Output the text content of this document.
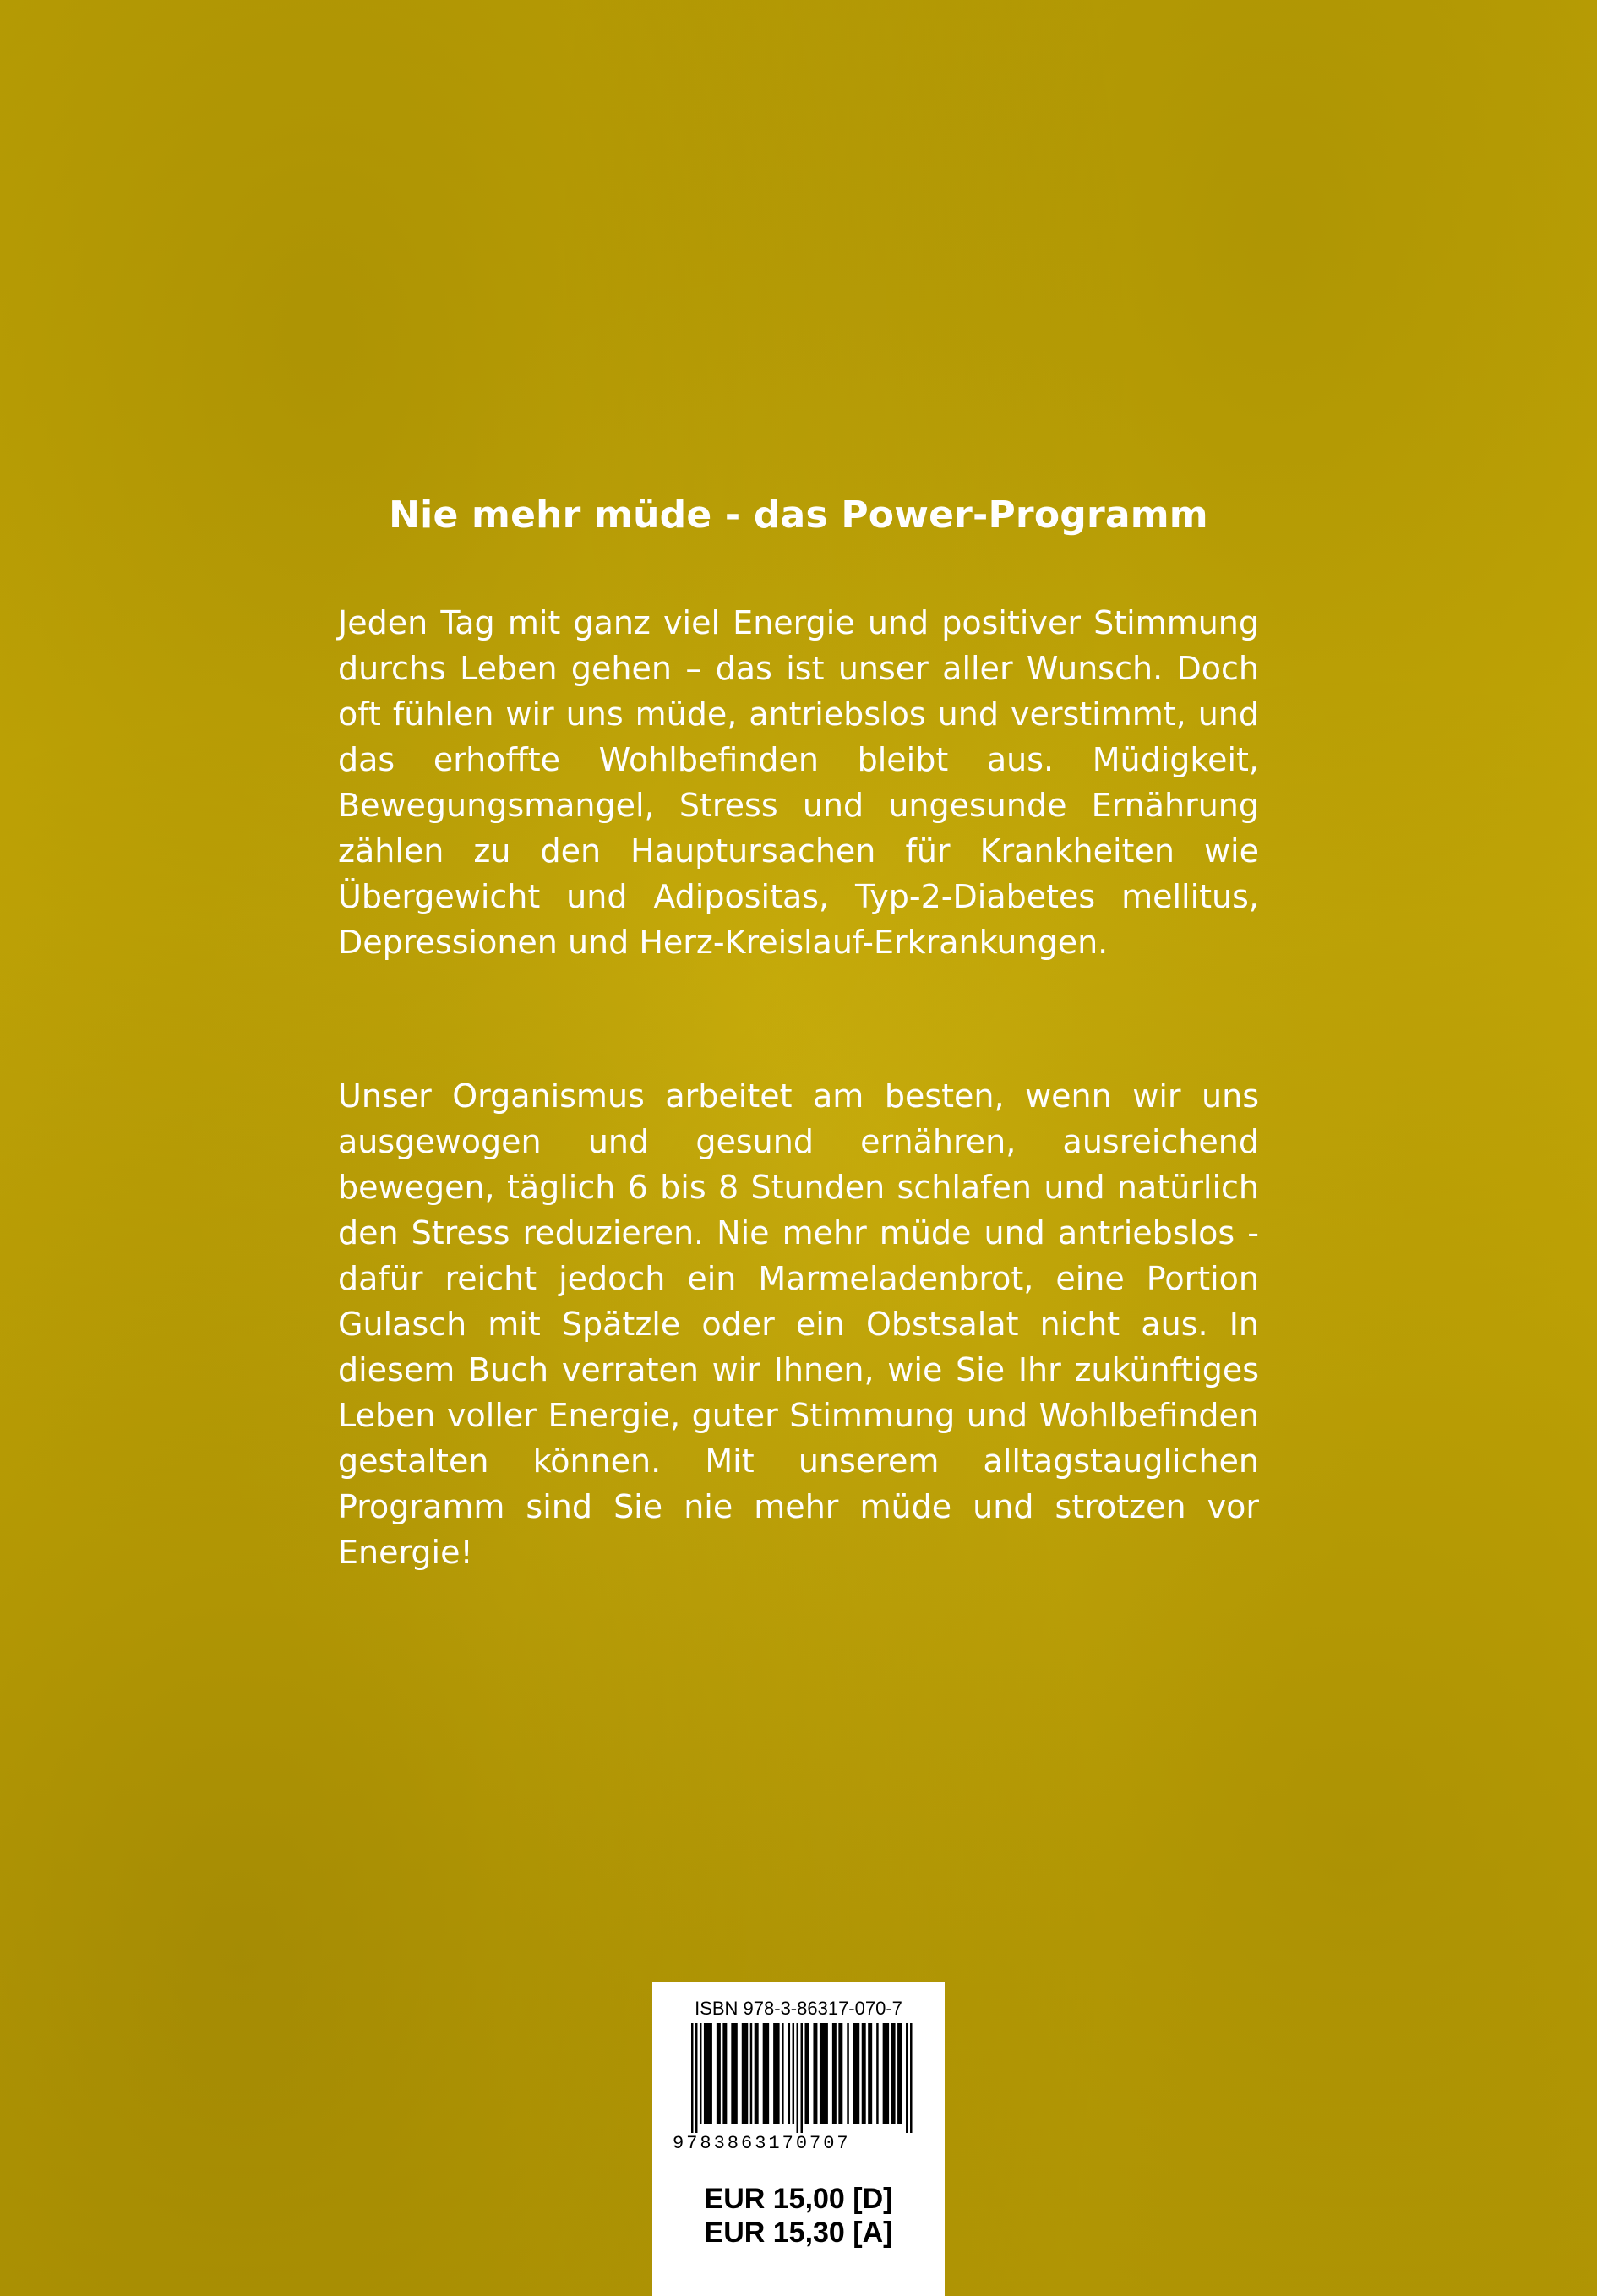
Nie mehr müde - das Power-Programm

Jeden Tag mit ganz viel Energie und positiver Stimmung durchs Leben gehen – das ist unser aller Wunsch. Doch oft fühlen wir uns müde, antriebslos und verstimmt, und das erhoffte Wohlbefinden bleibt aus. Müdigkeit, Bewegungsmangel, Stress und ungesunde Ernährung zählen zu den Hauptursachen für Krankheiten wie Übergewicht und Adipositas, Typ-2-Diabetes mellitus, Depressionen und Herz-Kreislauf-Erkrankungen.

Unser Organismus arbeitet am besten, wenn wir uns ausgewogen und gesund ernähren, ausreichend bewegen, täglich 6 bis 8 Stunden schlafen und natürlich den Stress reduzieren. Nie mehr müde und antriebslos - dafür reicht jedoch ein Marmeladenbrot, eine Portion Gulasch mit Spätzle oder ein Obstsalat nicht aus. In diesem Buch verraten wir Ihnen, wie Sie Ihr zukünftiges Leben voller Energie, guter Stimmung und Wohlbefinden gestalten können. Mit unserem alltagstauglichen Programm sind Sie nie mehr müde und strotzen vor Energie!

ISBN 978-3-86317-070-7
9783863170707
EUR 15,00 [D]
EUR 15,30 [A]
